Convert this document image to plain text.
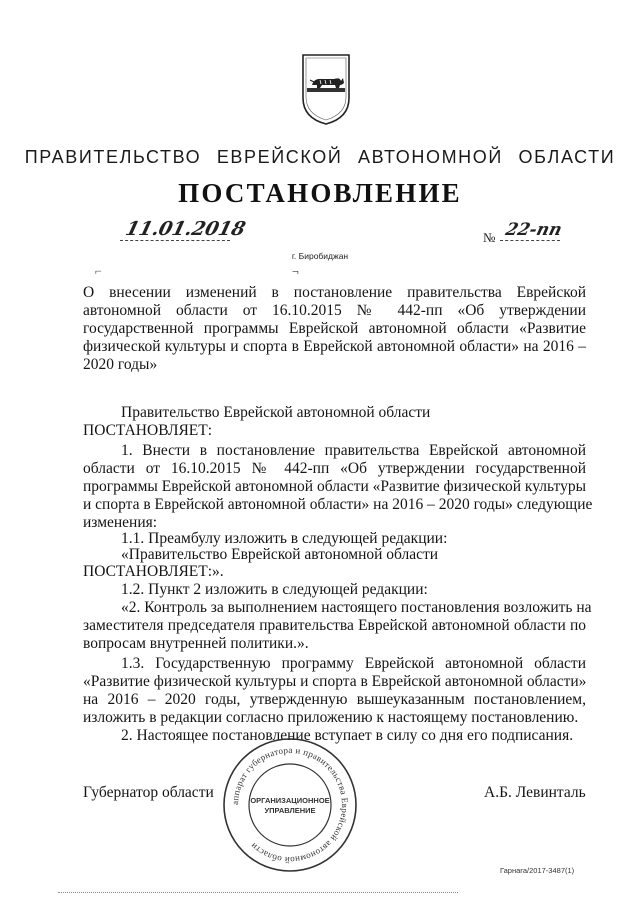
ПРАВИТЕЛЬСТВО ЕВРЕЙСКОЙ АВТОНОМНОЙ ОБЛАСТИ
ПОСТАНОВЛЕНИЕ
11.01.2018	№ 22-пп
г. Биробиджан
⌐	¬
О внесении изменений в постановление правительства Еврейской автономной области от 16.10.2015 № 442-пп «Об утверждении государственной программы Еврейской автономной области «Развитие физической культуры и спорта в Еврейской автономной области» на 2016 – 2020 годы»
Правительство Еврейской автономной области
ПОСТАНОВЛЯЕТ:
1. Внести в постановление правительства Еврейской автономной
области от 16.10.2015 № 442-пп «Об утверждении государственной
программы Еврейской автономной области «Развитие физической культуры
и спорта в Еврейской автономной области» на 2016 – 2020 годы» следующие
изменения:
1.1. Преамбулу изложить в следующей редакции:
«Правительство Еврейской автономной области
ПОСТАНОВЛЯЕТ:».
1.2. Пункт 2 изложить в следующей редакции:
«2. Контроль за выполнением настоящего постановления возложить на
заместителя председателя правительства Еврейской автономной области по
вопросам внутренней политики.».
1.3. Государственную программу Еврейской автономной области
«Развитие физической культуры и спорта в Еврейской автономной области»
на 2016 – 2020 годы, утвержденную вышеуказанным постановлением,
изложить в редакции согласно приложению к настоящему постановлению.
2. Настоящее постановление вступает в силу со дня его подписания.
аппарат губернатора и правительства Еврейской автономной области
ОРГАНИЗАЦИОННОЕ
УПРАВЛЕНИЕ
Губернатор области	А.Б. Левинталь
Гарнага/2017-3487(1)
